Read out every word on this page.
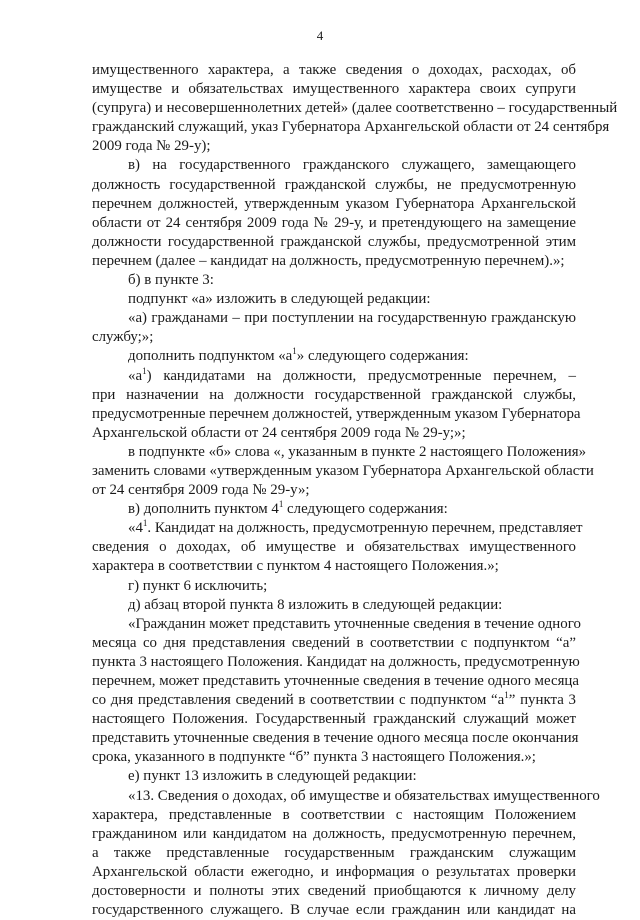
4
имущественного характера, а также сведения о доходах, расходах, об
имуществе и обязательствах имущественного характера своих супруги
(супруга) и несовершеннолетних детей» (далее соответственно – государственный
гражданский служащий, указ Губернатора Архангельской области от 24 сентября
2009 года № 29-у);
в) на государственного гражданского служащего, замещающего
должность государственной гражданской службы, не предусмотренную
перечнем должностей, утвержденным указом Губернатора Архангельской
области от 24 сентября 2009 года № 29-у, и претендующего на замещение
должности государственной гражданской службы, предусмотренной этим
перечнем (далее – кандидат на должность, предусмотренную перечнем).»;
б) в пункте 3:
подпункт «а» изложить в следующей редакции:
«а) гражданами – при поступлении на государственную гражданскую
службу;»;
дополнить подпунктом «$а^1$» следующего содержания:
«$а^1$) кандидатами на должности, предусмотренные перечнем, –
при назначении на должности государственной гражданской службы,
предусмотренные перечнем должностей, утвержденным указом Губернатора
Архангельской области от 24 сентября 2009 года № 29-у;»;
в подпункте «б» слова «, указанным в пункте 2 настоящего Положения»
заменить словами «утвержденным указом Губернатора Архангельской области
от 24 сентября 2009 года № 29-у»;
в) дополнить пунктом $4^1$ следующего содержания:
«$4^1$. Кандидат на должность, предусмотренную перечнем, представляет
сведения о доходах, об имуществе и обязательствах имущественного
характера в соответствии с пунктом 4 настоящего Положения.»;
г) пункт 6 исключить;
д) абзац второй пункта 8 изложить в следующей редакции:
«Гражданин может представить уточненные сведения в течение одного
месяца со дня представления сведений в соответствии с подпунктом “а”
пункта 3 настоящего Положения. Кандидат на должность, предусмотренную
перечнем, может представить уточненные сведения в течение одного месяца
со дня представления сведений в соответствии с подпунктом “$а^1$” пункта 3
настоящего Положения. Государственный гражданский служащий может
представить уточненные сведения в течение одного месяца после окончания
срока, указанного в подпункте “б” пункта 3 настоящего Положения.»;
е) пункт 13 изложить в следующей редакции:
«13. Сведения о доходах, об имуществе и обязательствах имущественного
характера, представленные в соответствии с настоящим Положением
гражданином или кандидатом на должность, предусмотренную перечнем,
а также представленные государственным гражданским служащим
Архангельской области ежегодно, и информация о результатах проверки
достоверности и полноты этих сведений приобщаются к личному делу
государственного служащего. В случае если гражданин или кандидат на
